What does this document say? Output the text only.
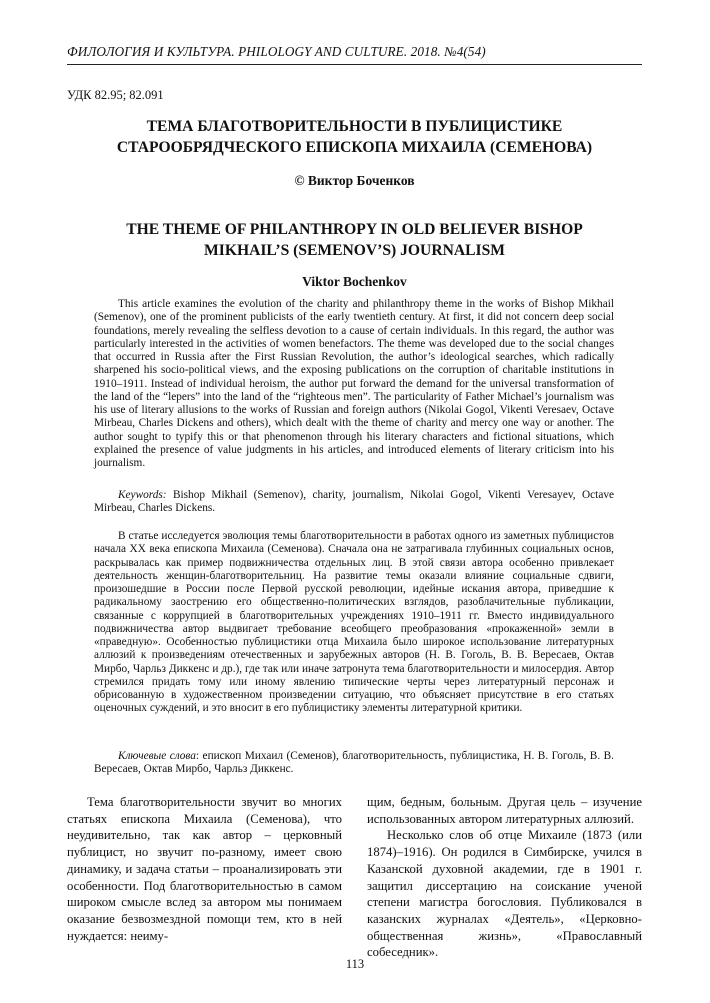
ФИЛОЛОГИЯ И КУЛЬТУРА. PHILOLOGY AND CULTURE. 2018. №4(54)
УДК 82.95; 82.091
ТЕМА БЛАГОТВОРИТЕЛЬНОСТИ В ПУБЛИЦИСТИКЕ
СТАРООБРЯДЧЕСКОГО ЕПИСКОПА МИХАИЛА (СЕМЕНОВА)
© Виктор Боченков
THE THEME OF PHILANTHROPY IN OLD BELIEVER BISHOP
MIKHAIL’S (SEMENOV’S) JOURNALISM
Viktor Bochenkov

This article examines the evolution of the charity and philanthropy theme in the works of Bishop Mikhail (Semenov), one of the prominent publicists of the early twentieth century. At first, it did not concern deep social foundations, merely revealing the selfless devotion to a cause of certain individuals. In this regard, the author was particularly interested in the activities of women benefactors. The theme was developed due to the social changes that occurred in Russia after the First Russian Revolution, the author’s ideological searches, which radically sharpened his socio-political views, and the exposing publications on the corruption of charitable institutions in 1910–1911. Instead of individual heroism, the author put forward the demand for the universal transformation of the land of the “lepers” into the land of the “righteous men”. The particularity of Father Michael’s journalism was his use of literary allusions to the works of Russian and foreign authors (Nikolai Gogol, Vikenti Veresaev, Octave Mirbeau, Charles Dickens and others), which dealt with the theme of charity and mercy one way or another. The author sought to typify this or that phenomenon through his literary characters and fictional situations, which explained the presence of value judgments in his articles, and introduced elements of literary criticism into his journalism.

Keywords: Bishop Mikhail (Semenov), charity, journalism, Nikolai Gogol, Vikenti Veresayev, Octave Mirbeau, Charles Dickens.

В статье исследуется эволюция темы благотворительности в работах одного из заметных публицистов начала XX века епископа Михаила (Семенова). Сначала она не затрагивала глубинных социальных основ, раскрывалась как пример подвижничества отдельных лиц. В этой связи автора особенно привлекает деятельность женщин-благотворительниц. На развитие темы оказали влияние социальные сдвиги, произошедшие в России после Первой русской революции, идейные искания автора, приведшие к радикальному заострению его общественно-политических взглядов, разоблачительные публикации, связанные с коррупцией в благотворительных учреждениях 1910–1911 гг. Вместо индивидуального подвижничества автор выдвигает требование всеобщего преобразования «прокаженной» земли в «праведную». Особенностью публицистики отца Михаила было широкое использование литературных аллюзий к произведениям отечественных и зарубежных авторов (Н. В. Гоголь, В. В. Вересаев, Октав Мирбо, Чарльз Диккенс и др.), где так или иначе затронута тема благотворительности и милосердия. Автор стремился придать тому или иному явлению типические черты через литературный персонаж и обрисованную в художественном произведении ситуацию, что объясняет присутствие в его статьях оценочных суждений, и это вносит в его публицистику элементы литературной критики.

Ключевые слова: епископ Михаил (Семенов), благотворительность, публицистика, Н. В. Гоголь, В. В. Вересаев, Октав Мирбо, Чарльз Диккенс.

Тема благотворительности звучит во многих статьях епископа Михаила (Семенова), что неудивительно, так как автор – церковный публицист, но звучит по-разному, имеет свою динамику, и задача статьи – проанализировать эти особенности. Под благотворительностью в самом широком смысле вслед за автором мы понимаем оказание безвозмездной помощи тем, кто в ней нуждается: неиму-

щим, бедным, больным. Другая цель – изучение использованных автором литературных аллюзий.

Несколько слов об отце Михаиле (1873 (или 1874)–1916). Он родился в Симбирске, учился в Казанской духовной академии, где в 1901 г. защитил диссертацию на соискание ученой степени магистра богословия. Публиковался в казанских журналах «Деятель», «Церковно-общественная жизнь», «Православный собеседник».

113
